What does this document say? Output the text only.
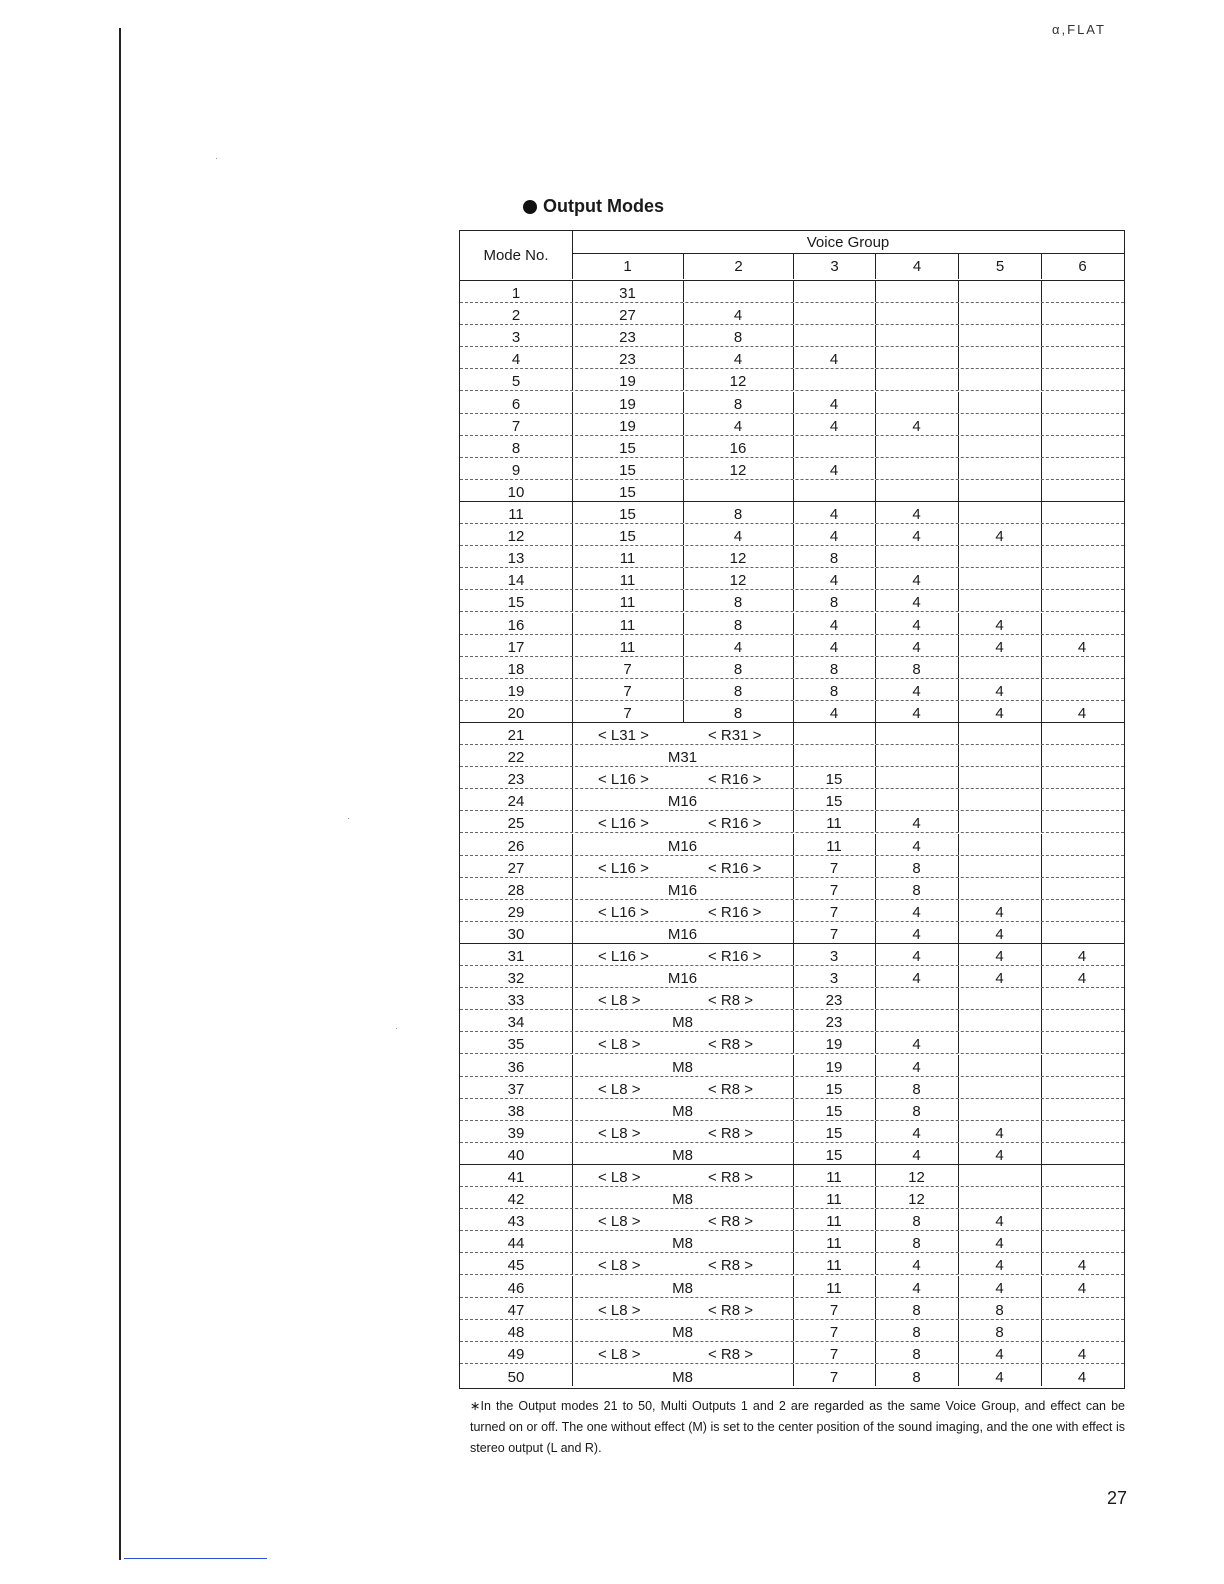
α,FLAT
Output Modes
Mode No.
Voice Group
1	2	3	4	5	6
1	31
2	27	4
3	23	8
4	23	4	4
5	19	12
6	19	8	4
7	19	4	4	4
8	15	16
9	15	12	4
10	15
11	15	8	4	4
12	15	4	4	4	4
13	11	12	8
14	11	12	4	4
15	11	8	8	4
16	11	8	4	4	4
17	11	4	4	4	4	4
18	7	8	8	8
19	7	8	8	4	4
20	7	8	4	4	4	4
21	< L31 >	< R31 >
22	M31
23	< L16 >	< R16 >	15
24	M16	15
25	< L16 >	< R16 >	11	4
26	M16	11	4
27	< L16 >	< R16 >	7	8
28	M16	7	8
29	< L16 >	< R16 >	7	4	4
30	M16	7	4	4
31	< L16 >	< R16 >	3	4	4	4
32	M16	3	4	4	4
33	< L8 >	< R8 >	23
34	M8	23
35	< L8 >	< R8 >	19	4
36	M8	19	4
37	< L8 >	< R8 >	15	8
38	M8	15	8
39	< L8 >	< R8 >	15	4	4
40	M8	15	4	4
41	< L8 >	< R8 >	11	12
42	M8	11	12
43	< L8 >	< R8 >	11	8	4
44	M8	11	8	4
45	< L8 >	< R8 >	11	4	4	4
46	M8	11	4	4	4
47	< L8 >	< R8 >	7	8	8
48	M8	7	8	8
49	< L8 >	< R8 >	7	8	4	4
50	M8	7	8	4	4
∗In the Output modes 21 to 50, Multi Outputs 1 and 2 are regarded as the same Voice Group, and effect can be turned on or off. The one without effect (M) is set to the center position of the sound imaging, and the one with effect is stereo output (L and R).
27
